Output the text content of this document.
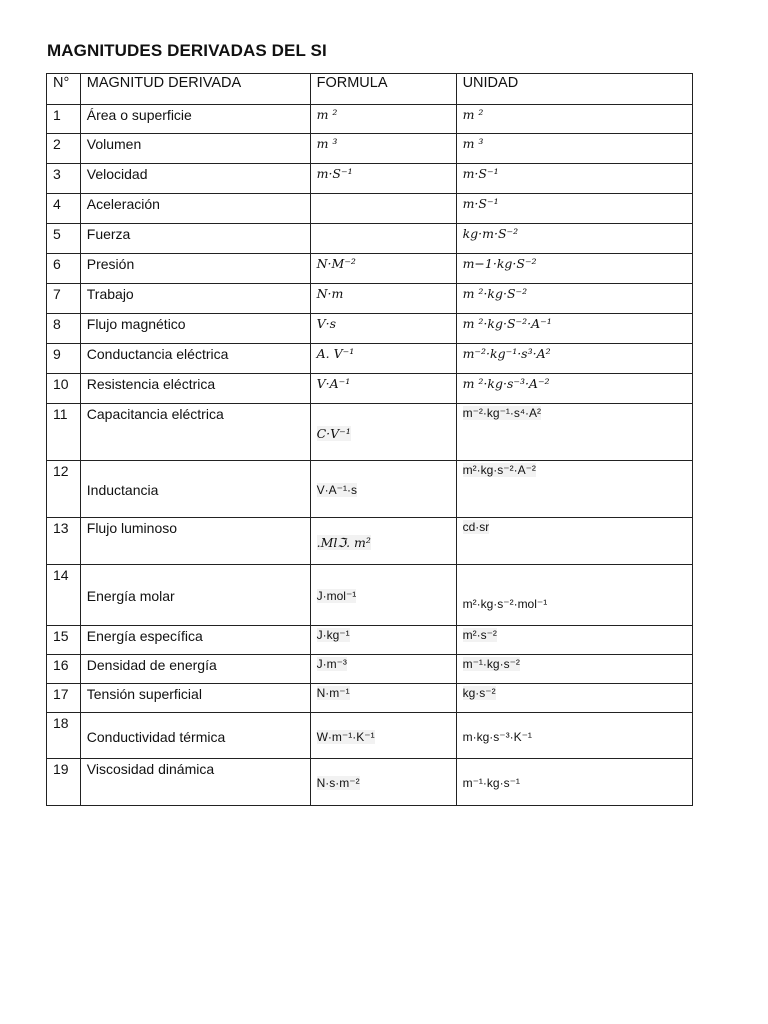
MAGNITUDES DERIVADAS DEL SI
N°	MAGNITUD DERIVADA	FORMULA	UNIDAD
1	Área o superficie	m ²	m ²
2	Volumen	m ³	m ³
3	Velocidad	m·S⁻¹	m·S⁻¹
4	Aceleración		m·S⁻¹
5	Fuerza		kg·m·S⁻²
6	Presión	N·M⁻²	m−1·kg·S⁻²
7	Trabajo	N·m	m ²·kg·S⁻²
8	Flujo magnético	V·s	m ²·kg·S⁻²·A⁻¹
9	Conductancia eléctrica	A. V⁻¹	m⁻²·kg⁻¹·s³·A²
10	Resistencia eléctrica	V·A⁻¹	m ²·kg·s⁻³·A⁻²
11	Capacitancia eléctrica	C·V⁻¹	m⁻²·kg⁻¹·s⁴·A²
12	Inductancia	V·A⁻¹·s	m²·kg·s⁻²·A⁻²
13	Flujo luminoso	.Mlℑ. m²	cd·sr
14	Energía molar	J·mol⁻¹	m²·kg·s⁻²·mol⁻¹
15	Energía específica	J·kg⁻¹	m²·s⁻²
16	Densidad de energía	J·m⁻³	m⁻¹·kg·s⁻²
17	Tensión superficial	N·m⁻¹	kg·s⁻²
18	Conductividad térmica	W·m⁻¹·K⁻¹	m·kg·s⁻³·K⁻¹
19	Viscosidad dinámica	N·s·m⁻²	m⁻¹·kg·s⁻¹
